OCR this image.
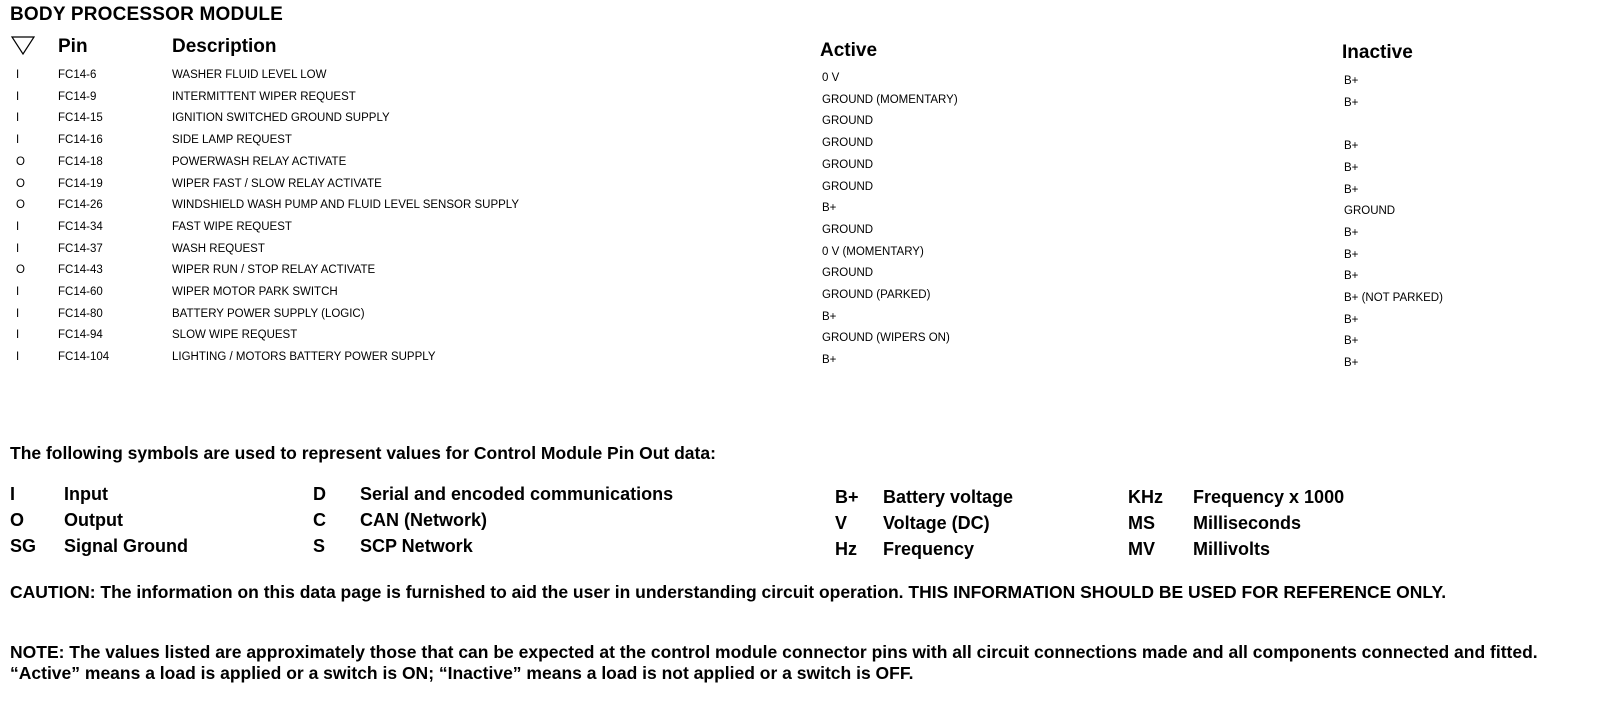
BODY PROCESSOR MODULE
Pin	Description	Active	Inactive
I	FC14-6	WASHER FLUID LEVEL LOW	0 V	B+
I	FC14-9	INTERMITTENT WIPER REQUEST	GROUND (MOMENTARY)	B+
I	FC14-15	IGNITION SWITCHED GROUND SUPPLY	GROUND
I	FC14-16	SIDE LAMP REQUEST	GROUND	B+
O	FC14-18	POWERWASH RELAY ACTIVATE	GROUND	B+
O	FC14-19	WIPER FAST / SLOW RELAY ACTIVATE	GROUND	B+
O	FC14-26	WINDSHIELD WASH PUMP AND FLUID LEVEL SENSOR SUPPLY	B+	GROUND
I	FC14-34	FAST WIPE REQUEST	GROUND	B+
I	FC14-37	WASH REQUEST	0 V (MOMENTARY)	B+
O	FC14-43	WIPER RUN / STOP RELAY ACTIVATE	GROUND	B+
I	FC14-60	WIPER MOTOR PARK SWITCH	GROUND (PARKED)	B+ (NOT PARKED)
I	FC14-80	BATTERY POWER SUPPLY (LOGIC)	B+	B+
I	FC14-94	SLOW WIPE REQUEST	GROUND (WIPERS ON)	B+
I	FC14-104	LIGHTING / MOTORS BATTERY POWER SUPPLY	B+	B+
The following symbols are used to represent values for Control Module Pin Out data:
I	Input
O Output
SG Signal Ground
D Serial and encoded communications
C CAN (Network)
S SCP Network
B+ Battery voltage
V Voltage (DC)
Hz Frequency
KHz Frequency x 1000
MS Milliseconds
MV Millivolts
CAUTION: The information on this data page is furnished to aid the user in understanding circuit operation. THIS INFORMATION SHOULD BE USED FOR REFERENCE ONLY.
NOTE: The values listed are approximately those that can be expected at the control module connector pins with all circuit connections made and all components connected and fitted. “Active” means a load is applied or a switch is ON; “Inactive” means a load is not applied or a switch is OFF.
